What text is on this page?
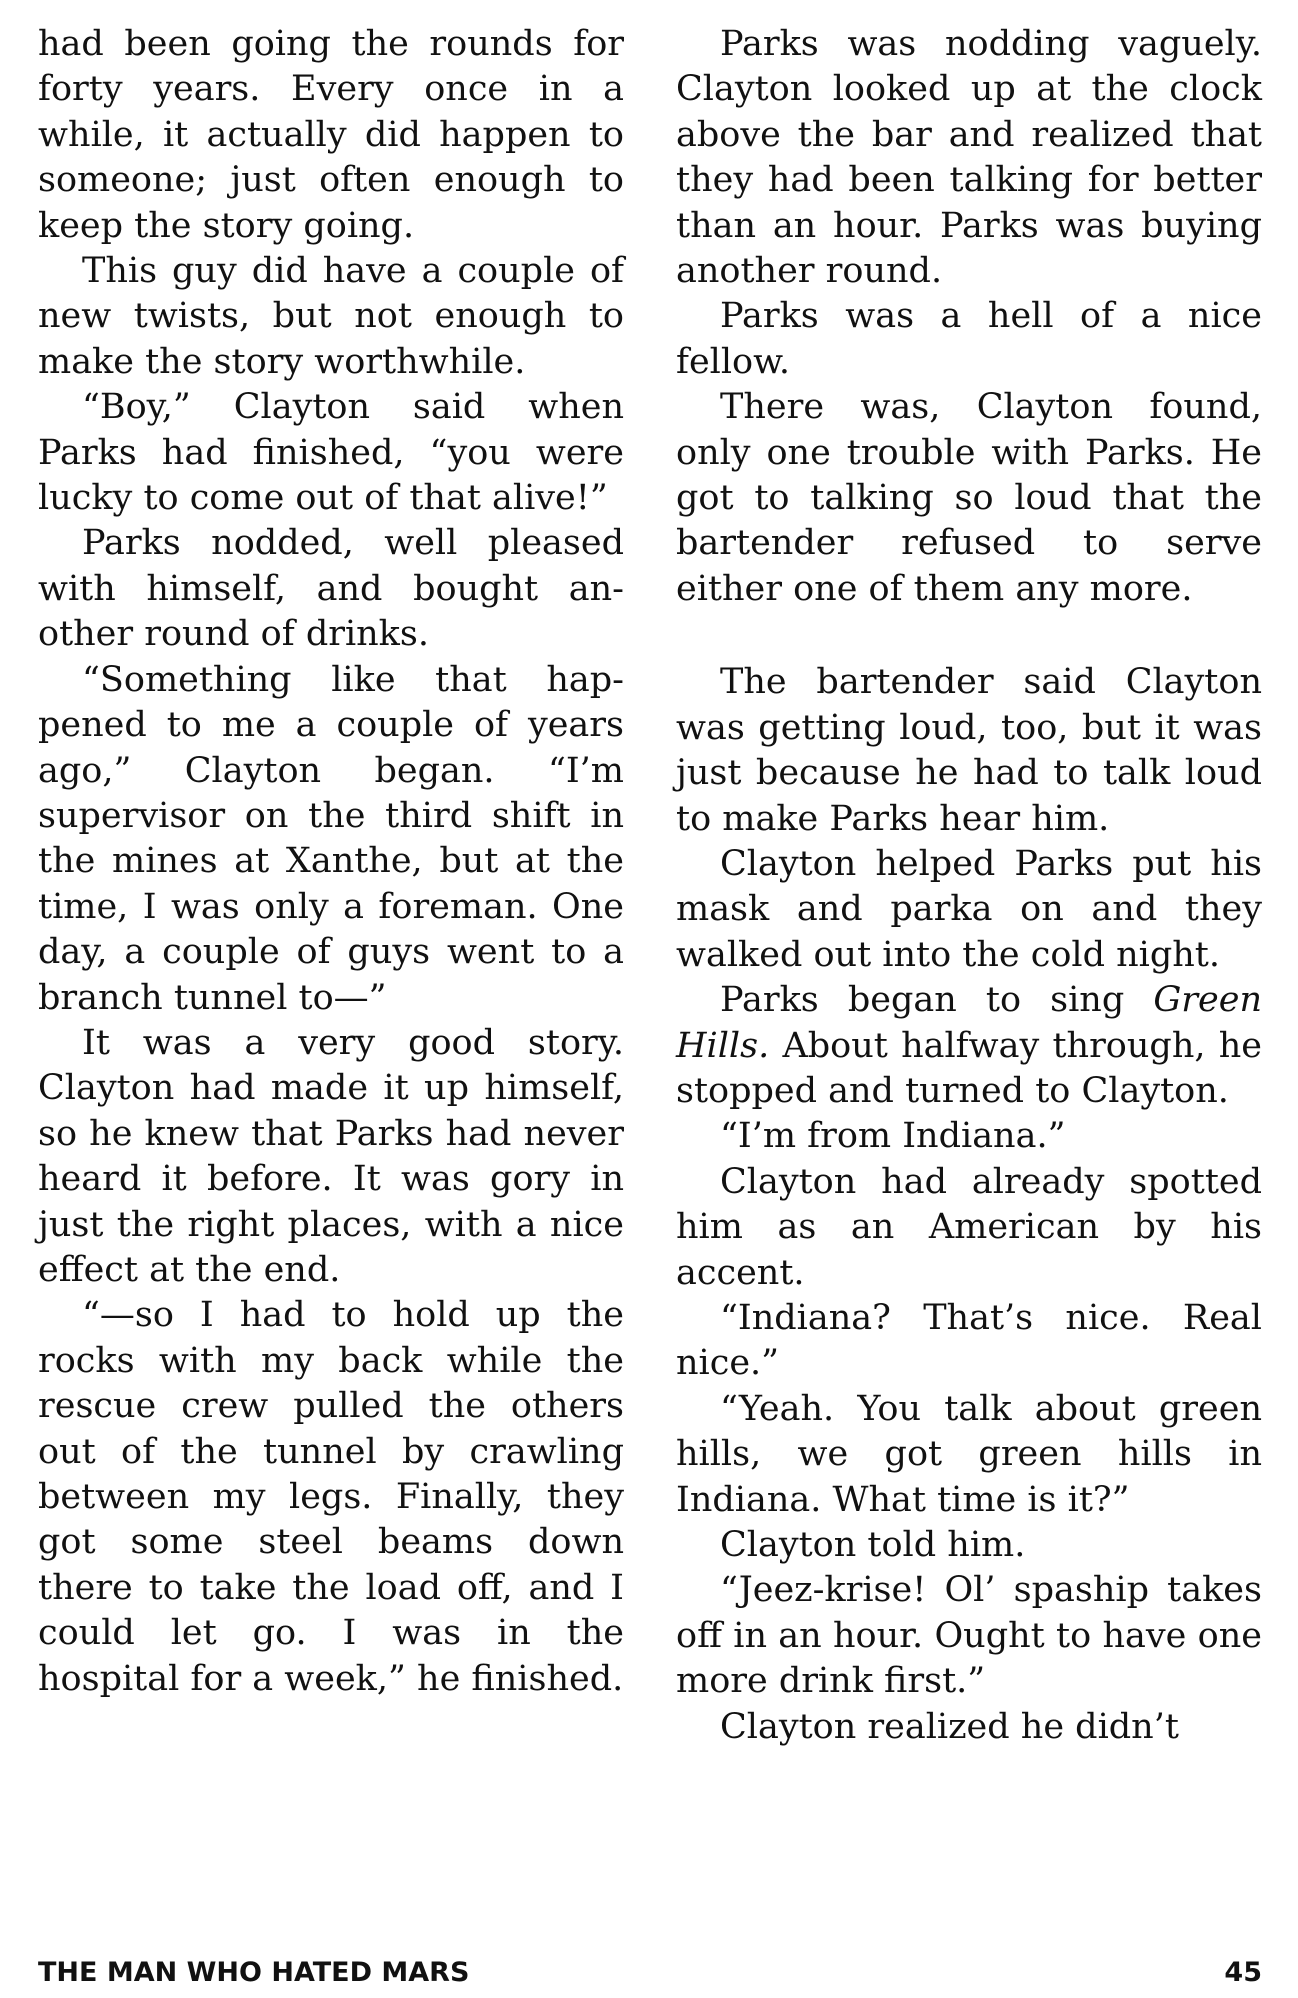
had been going the rounds for forty years. Every once in a while, it actually did happen to someone; just often enough to keep the story going.

This guy did have a couple of new twists, but not enough to make the story worthwhile.

“Boy,” Clayton said when Parks had finished, “you were lucky to come out of that alive!”

Parks nodded, well pleased with himself, and bought another round of drinks.

“Something like that happened to me a couple of years ago,” Clayton began. “I’m supervisor on the third shift in the mines at Xanthe, but at the time, I was only a foreman. One day, a couple of guys went to a branch tunnel to—”

It was a very good story. Clayton had made it up himself, so he knew that Parks had never heard it before. It was gory in just the right places, with a nice effect at the end.

“—so I had to hold up the rocks with my back while the rescue crew pulled the others out of the tunnel by crawling between my legs. Finally, they got some steel beams down there to take the load off, and I could let go. I was in the hospital for a week,” he finished.

Parks was nodding vaguely. Clayton looked up at the clock above the bar and realized that they had been talking for better than an hour. Parks was buying another round.

Parks was a hell of a nice fellow.

There was, Clayton found, only one trouble with Parks. He got to talking so loud that the bartender refused to serve either one of them any more.

The bartender said Clayton was getting loud, too, but it was just because he had to talk loud to make Parks hear him.

Clayton helped Parks put his mask and parka on and they walked out into the cold night.

Parks began to sing Green Hills. About halfway through, he stopped and turned to Clayton.

“I’m from Indiana.”

Clayton had already spotted him as an American by his accent.

“Indiana? That’s nice. Real nice.”

“Yeah. You talk about green hills, we got green hills in Indiana. What time is it?”

Clayton told him.

“Jeez-krise! Ol’ spaship takes off in an hour. Ought to have one more drink first.”

Clayton realized he didn’t

THE MAN WHO HATED MARS	45
